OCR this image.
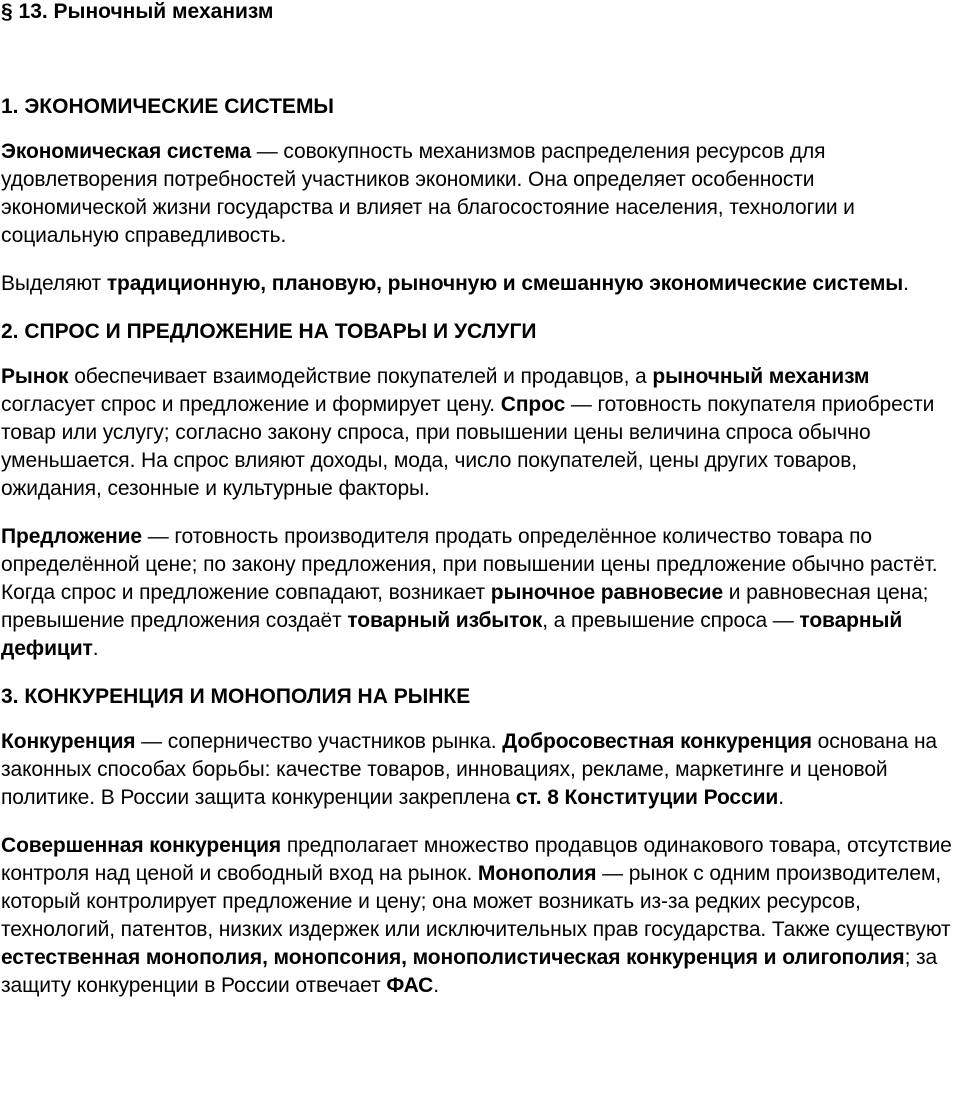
§ 13. Рыночный механизм
1. ЭКОНОМИЧЕСКИЕ СИСТЕМЫ

Экономическая система — совокупность механизмов распределения ресурсов для удовлетворения потребностей участников экономики. Она определяет особенности экономической жизни государства и влияет на благосостояние населения, технологии и социальную справедливость.

Выделяют традиционную, плановую, рыночную и смешанную экономические системы.

2. СПРОС И ПРЕДЛОЖЕНИЕ НА ТОВАРЫ И УСЛУГИ

Рынок обеспечивает взаимодействие покупателей и продавцов, а рыночный механизм согласует спрос и предложение и формирует цену. Спрос — готовность покупателя приобрести товар или услугу; согласно закону спроса, при повышении цены величина спроса обычно уменьшается. На спрос влияют доходы, мода, число покупателей, цены других товаров, ожидания, сезонные и культурные факторы.

Предложение — готовность производителя продать определённое количество товара по определённой цене; по закону предложения, при повышении цены предложение обычно растёт. Когда спрос и предложение совпадают, возникает рыночное равновесие и равновесная цена; превышение предложения создаёт товарный избыток, а превышение спроса — товарный дефицит.

3. КОНКУРЕНЦИЯ И МОНОПОЛИЯ НА РЫНКЕ

Конкуренция — соперничество участников рынка. Добросовестная конкуренция основана на законных способах борьбы: качестве товаров, инновациях, рекламе, маркетинге и ценовой политике. В России защита конкуренции закреплена ст. 8 Конституции России.

Совершенная конкуренция предполагает множество продавцов одинакового товара, отсутствие контроля над ценой и свободный вход на рынок. Монополия — рынок с одним производителем, который контролирует предложение и цену; она может возникать из-за редких ресурсов, технологий, патентов, низких издержек или исключительных прав государства. Также существуют естественная монополия, монопсония, монополистическая конкуренция и олигополия; за защиту конкуренции в России отвечает ФАС.
